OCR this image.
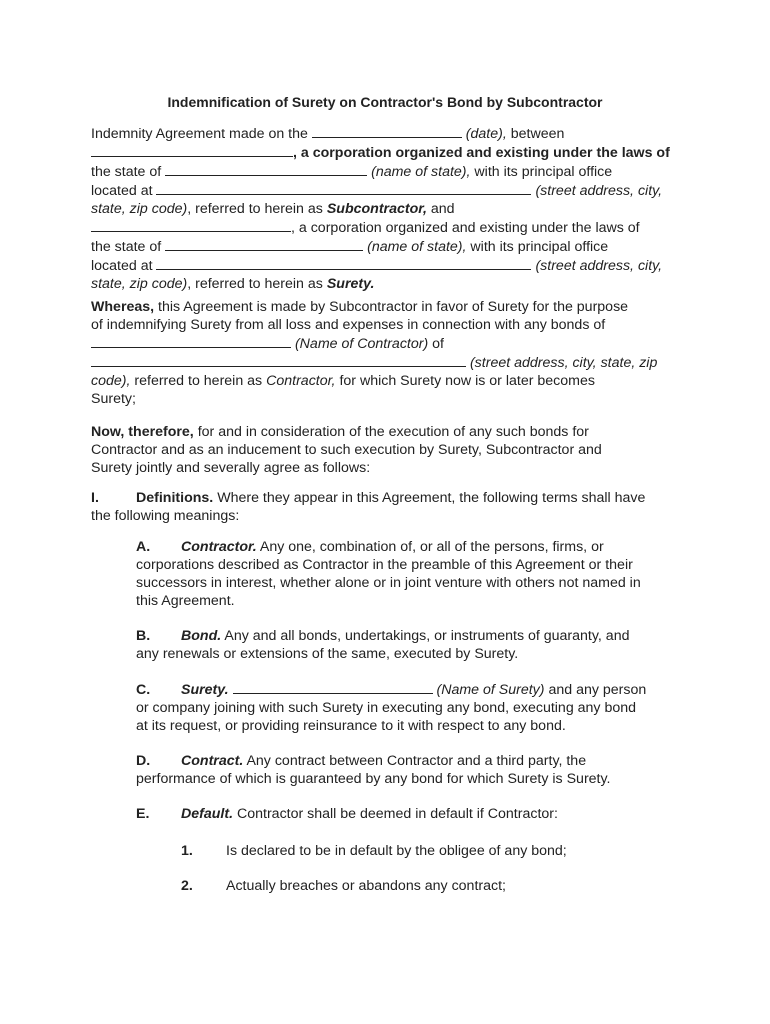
Indemnification of Surety on Contractor's Bond by Subcontractor
Indemnity Agreement made on the	(date), between
, a corporation organized and existing under the laws of
the state of	(name of state), with its principal office
located at	(street address, city,
state, zip code), referred to herein as Subcontractor, and
, a corporation organized and existing under the laws of
the state of	(name of state), with its principal office
located at	(street address, city,
state, zip code), referred to herein as Surety.
Whereas, this Agreement is made by Subcontractor in favor of Surety for the purpose
of indemnifying Surety from all loss and expenses in connection with any bonds of
(Name of Contractor) of
(street address, city, state, zip
code), referred to herein as Contractor, for which Surety now is or later becomes
Surety;
Now, therefore, for and in consideration of the execution of any such bonds for
Contractor and as an inducement to such execution by Surety, Subcontractor and
Surety jointly and severally agree as follows:
I.	Definitions. Where they appear in this Agreement, the following terms shall have
the following meanings:
A. Contractor. Any one, combination of, or all of the persons, firms, or
corporations described as Contractor in the preamble of this Agreement or their
successors in interest, whether alone or in joint venture with others not named in
this Agreement.
B. Bond. Any and all bonds, undertakings, or instruments of guaranty, and
any renewals or extensions of the same, executed by Surety.
C. Surety.	(Name of Surety) and any person
or company joining with such Surety in executing any bond, executing any bond
at its request, or providing reinsurance to it with respect to any bond.
D. Contract. Any contract between Contractor and a third party, the
performance of which is guaranteed by any bond for which Surety is Surety.
E. Default. Contractor shall be deemed in default if Contractor:
1. Is declared to be in default by the obligee of any bond;
2. Actually breaches or abandons any contract;
